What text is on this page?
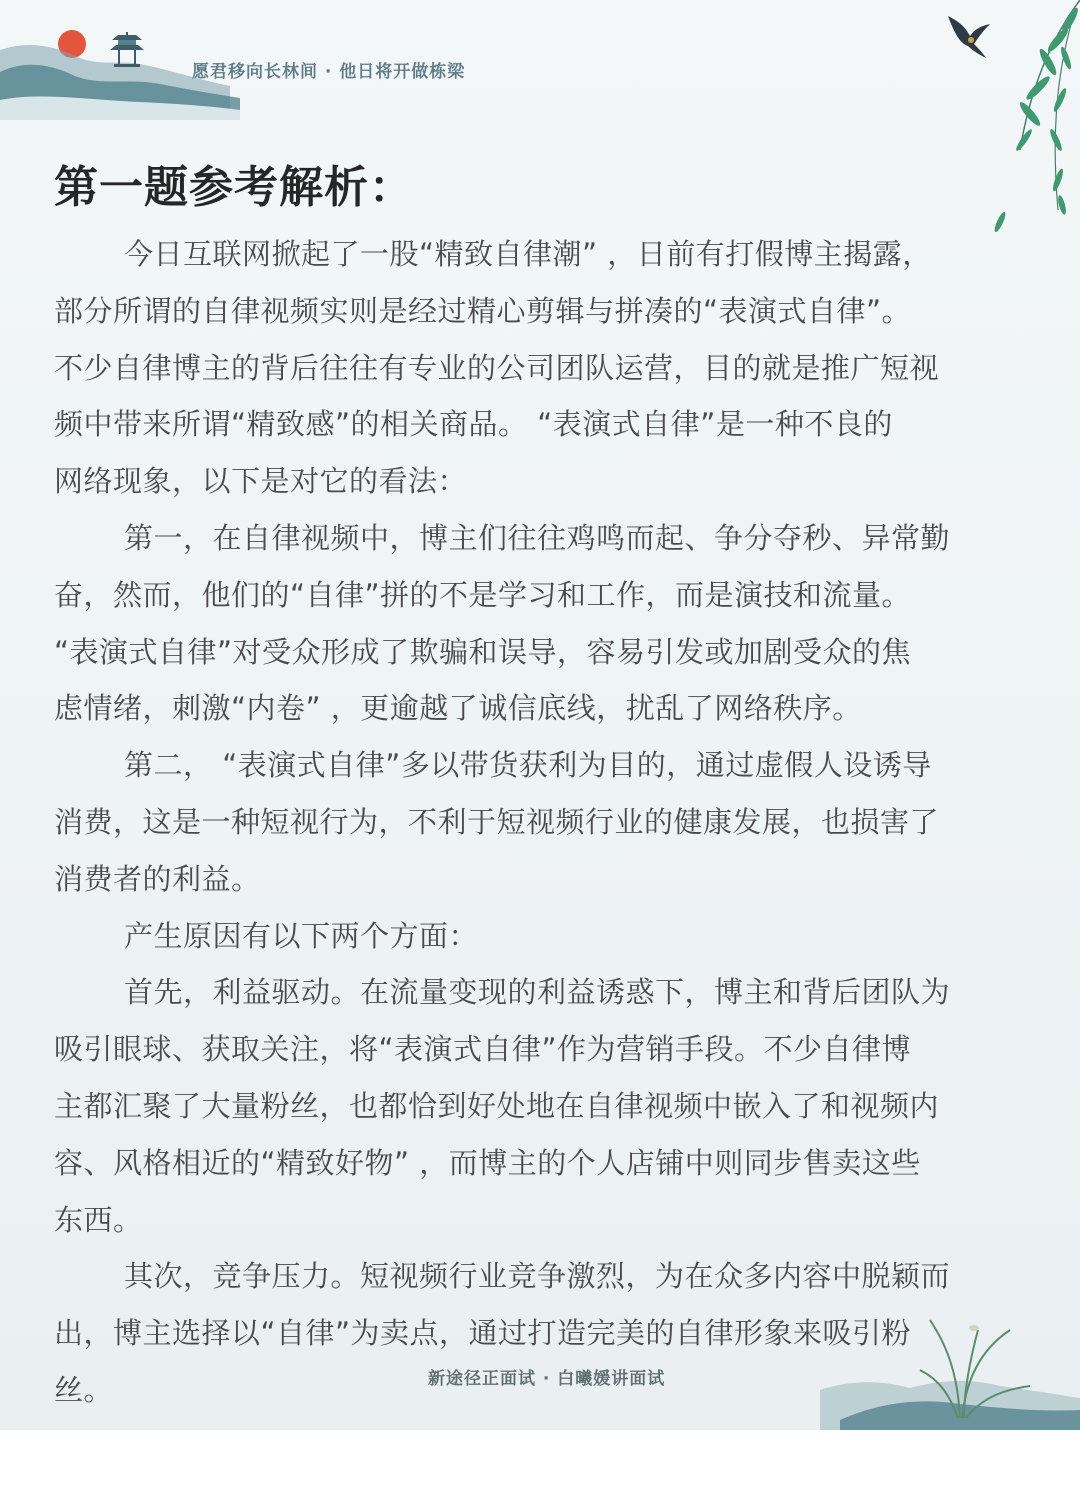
愿君移向长林间 · 他日将开做栋梁
第一题参考解析：
今日互联网掀起了一股“精致自律潮” ，日前有打假博主揭露，
部分所谓的自律视频实则是经过精心剪辑与拼凑的“表演式自律”。
不少自律博主的背后往往有专业的公司团队运营，目的就是推广短视
频中带来所谓“精致感”的相关商品。 “表演式自律”是一种不良的
网络现象，以下是对它的看法：
第一，在自律视频中，博主们往往鸡鸣而起、争分夺秒、异常勤
奋，然而，他们的“自律”拼的不是学习和工作，而是演技和流量。
“表演式自律”对受众形成了欺骗和误导，容易引发或加剧受众的焦
虑情绪，刺激“内卷” ，更逾越了诚信底线，扰乱了网络秩序。
第二， “表演式自律”多以带货获利为目的，通过虚假人设诱导
消费，这是一种短视行为，不利于短视频行业的健康发展，也损害了
消费者的利益。
产生原因有以下两个方面：
首先，利益驱动。在流量变现的利益诱惑下，博主和背后团队为
吸引眼球、获取关注，将“表演式自律”作为营销手段。不少自律博
主都汇聚了大量粉丝，也都恰到好处地在自律视频中嵌入了和视频内
容、风格相近的“精致好物” ，而博主的个人店铺中则同步售卖这些
东西。
其次，竞争压力。短视频行业竞争激烈，为在众多内容中脱颖而
出，博主选择以“自律”为卖点，通过打造完美的自律形象来吸引粉
丝。	新途径正面试 · 白曦媛讲面试
